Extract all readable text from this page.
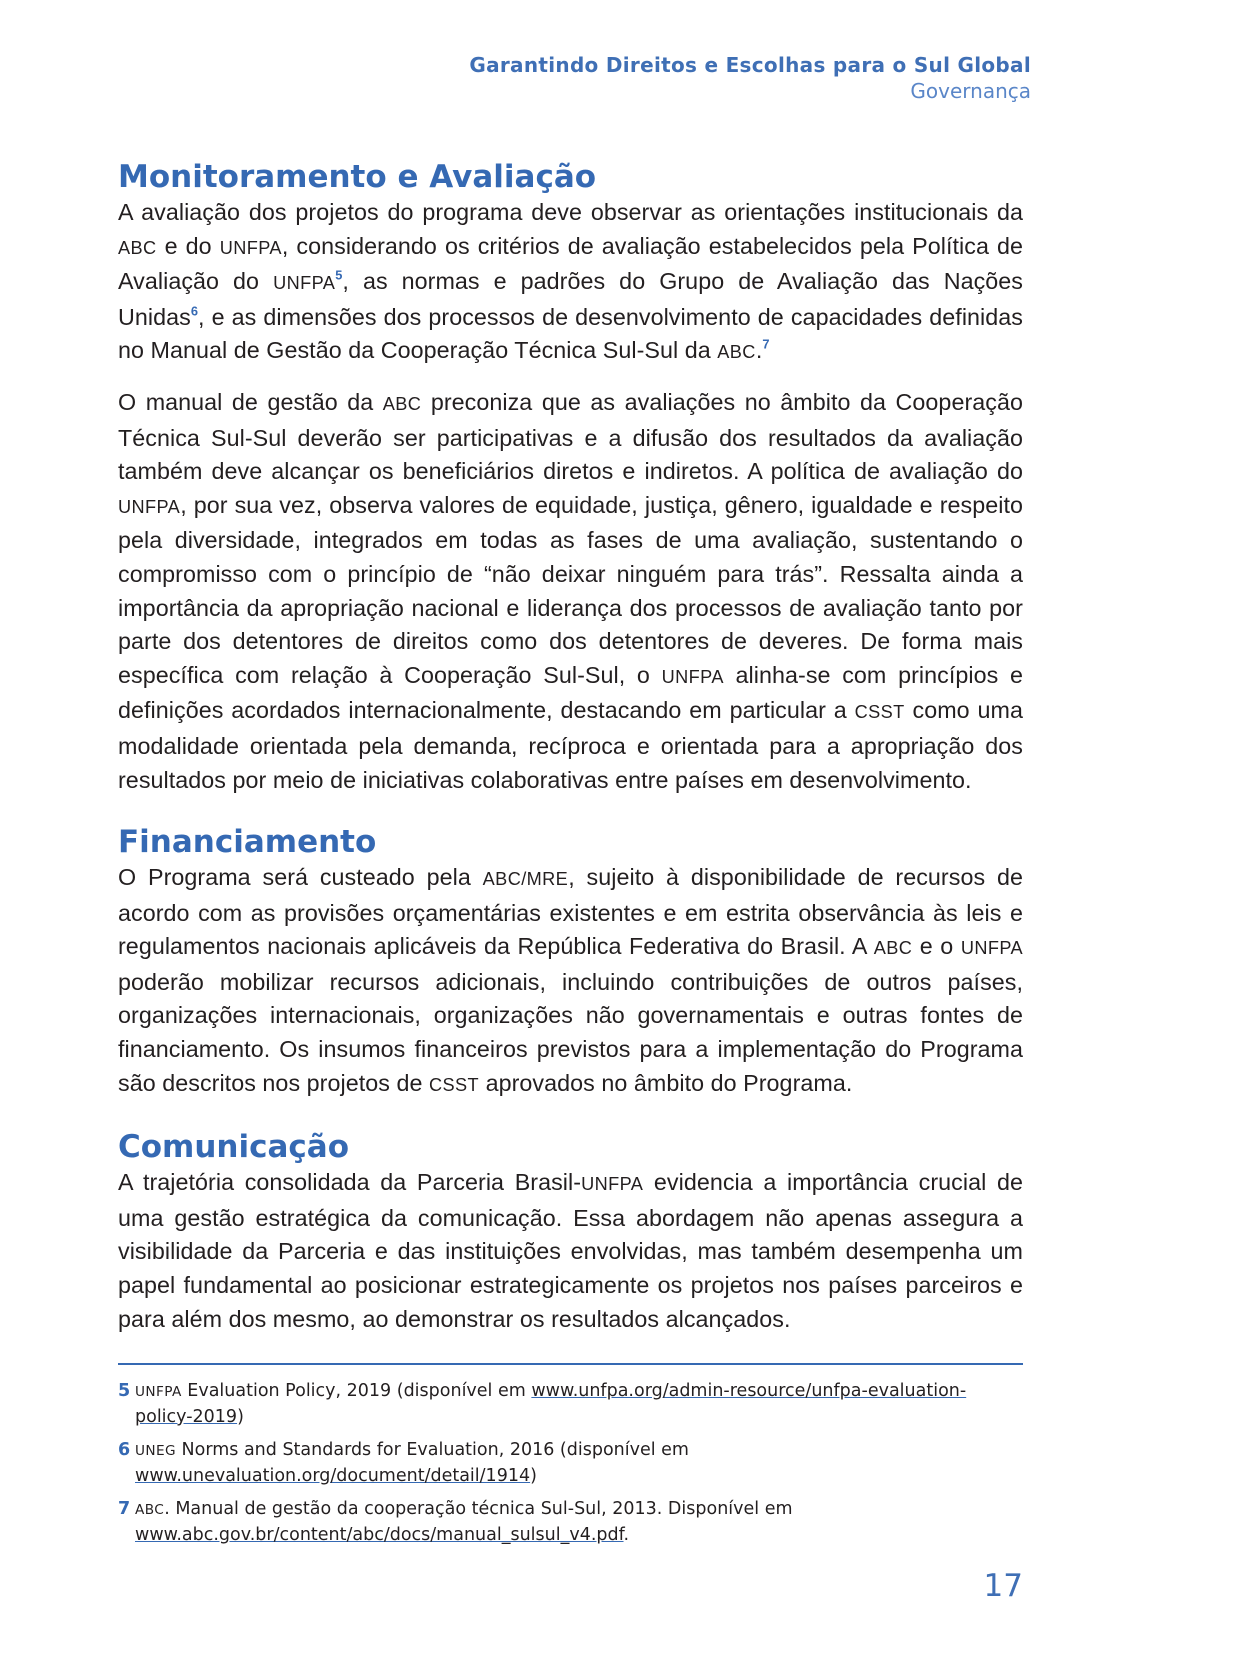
Garantindo Direitos e Escolhas para o Sul Global
Governança
Monitoramento e Avaliação

A avaliação dos projetos do programa deve observar as orientações institucionais da ABC e do UNFPA, considerando os critérios de avaliação estabelecidos pela Política de Avaliação do UNFPA$^5$, as normas e padrões do Grupo de Avaliação das Nações Unidas$^6$, e as dimensões dos processos de desenvolvimento de capacidades definidas no Manual de Gestão da Cooperação Técnica Sul-Sul da ABC.$^7$

O manual de gestão da ABC preconiza que as avaliações no âmbito da Cooperação Técnica Sul-Sul deverão ser participativas e a difusão dos resultados da avaliação também deve alcançar os beneficiários diretos e indiretos. A política de avaliação do UNFPA, por sua vez, observa valores de equidade, justiça, gênero, igualdade e respeito pela diversidade, integrados em todas as fases de uma avaliação, sustentando o compromisso com o princípio de “não deixar ninguém para trás”. Ressalta ainda a importância da apropriação nacional e liderança dos processos de avaliação tanto por parte dos detentores de direitos como dos detentores de deveres. De forma mais específica com relação à Cooperação Sul-Sul, o UNFPA alinha-se com princípios e definições acordados internacionalmente, destacando em particular a CSST como uma modalidade orientada pela demanda, recíproca e orientada para a apropriação dos resultados por meio de iniciativas colaborativas entre países em desenvolvimento.

Financiamento

O Programa será custeado pela ABC/MRE, sujeito à disponibilidade de recursos de acordo com as provisões orçamentárias existentes e em estrita observância às leis e regulamentos nacionais aplicáveis da República Federativa do Brasil. A ABC e o UNFPA poderão mobilizar recursos adicionais, incluindo contribuições de outros países, organizações internacionais, organizações não governamentais e outras fontes de financiamento. Os insumos financeiros previstos para a implementação do Programa são descritos nos projetos de CSST aprovados no âmbito do Programa.

Comunicação

A trajetória consolidada da Parceria Brasil-UNFPA evidencia a importância crucial de uma gestão estratégica da comunicação. Essa abordagem não apenas assegura a visibilidade da Parceria e das instituições envolvidas, mas também desempenha um papel fundamental ao posicionar estrategicamente os projetos nos países parceiros e para além dos mesmo, ao demonstrar os resultados alcançados.

5 UNFPA Evaluation Policy, 2019 (disponível em www.unfpa.org/admin-resource/unfpa-evaluation-policy-2019)
6 UNEG Norms and Standards for Evaluation, 2016 (disponível em www.unevaluation.org/document/detail/1914)
7 ABC. Manual de gestão da cooperação técnica Sul-Sul, 2013. Disponível em www.abc.gov.br/content/abc/docs/manual_sulsul_v4.pdf.
17
